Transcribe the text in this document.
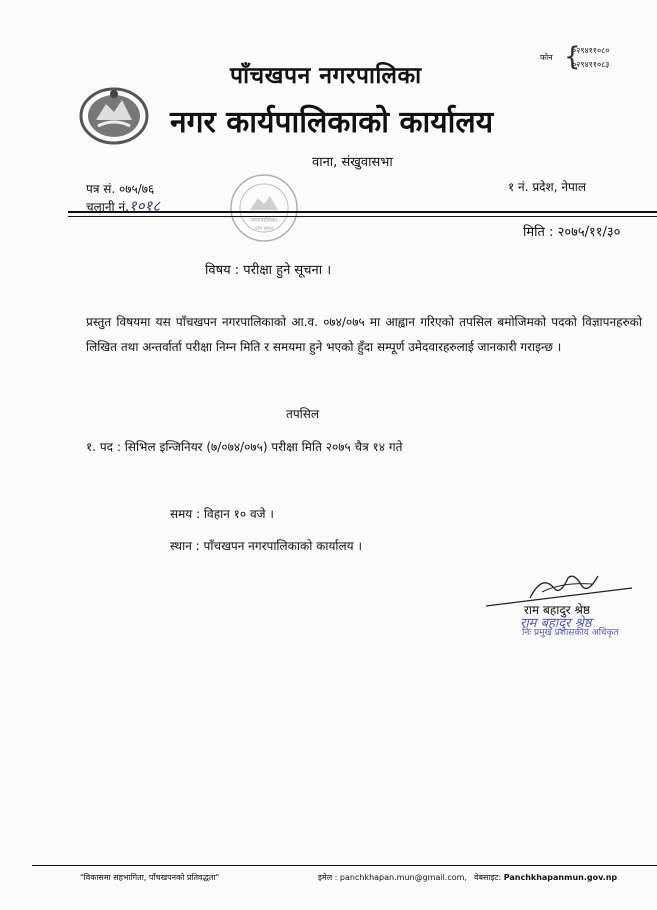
पाँचखपन नगरपालिका
नगर कार्यपालिकाको कार्यालय
वाना, संखुवासभा
फोन {
०२९४११०८०
०२९४११०८३
पत्र सं. ०७५/७६
चलानी नं.१०१८
१ नं. प्रदेश, नेपाल
नगरपालिका
पाँच खपन	मिति : २०७५/११/३०
विषय : परीक्षा हुने सूचना ।
प्रस्तुत विषयमा यस पाँचखपन नगरपालिकाको आ.व. ०७४/०७५ मा आह्वान गरिएको तपसिल बमोजिमको पदको विज्ञापनहरुको लिखित तथा अन्तर्वार्ता परीक्षा निम्न मिति र समयमा हुने भएको हुँदा सम्पूर्ण उमेदवारहरुलाई जानकारी गराइन्छ ।
तपसिल
१. पद : सिभिल इन्जिनियर (७/०७४/०७५) परीक्षा मिति २०७५ चैत्र १४ गते
समय : विहान १० वजे ।
स्थान : पाँचखपन नगरपालिकाको कार्यालय ।
राम बहादुर श्रेष्ठ
राम बहादुर श्रेष्ठ
निः प्रमुख प्रशासकीय अधिकृत
"विकासमा सहभागिता, पाँचखपनको प्रतिवद्धता"	इमेल : panchkhapan.mun@gmail.com, वेबसाइट: Panchkhapanmun.gov.np
